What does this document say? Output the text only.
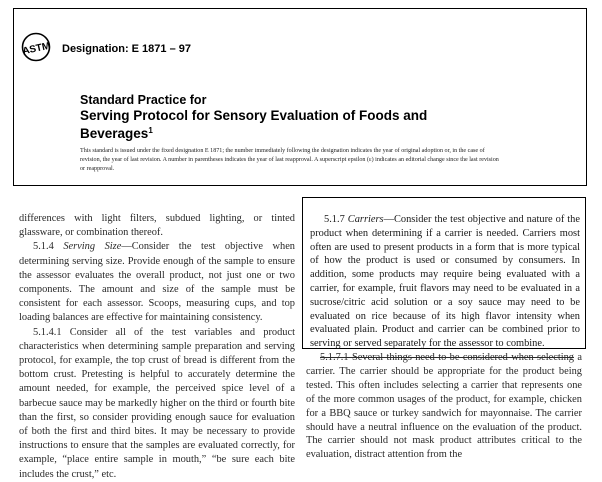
ASTM Designation: E 1871 – 97
Standard Practice for
Serving Protocol for Sensory Evaluation of Foods and
Beverages$^1$
This standard is issued under the fixed designation E 1871; the number immediately following the designation indicates the year of original adoption or, in the case of revision, the year of last revision. A number in parentheses indicates the year of last reapproval. A superscript epsilon (ε) indicates an editorial change since the last revision or reapproval.

differences with light filters, subdued lighting, or tinted glassware, or combination thereof.

5.1.4 Serving Size—Consider the test objective when determining serving size. Provide enough of the sample to ensure the assessor evaluates the overall product, not just one or two components. The amount and size of the sample must be consistent for each assessor. Scoops, measuring cups, and top loading balances are effective for maintaining consistency.

5.1.4.1 Consider all of the test variables and product characteristics when determining sample preparation and serving protocol, for example, the top crust of bread is different from the bottom crust. Pretesting is helpful to accurately determine the amount needed, for example, the perceived spice level of a barbecue sauce may be markedly higher on the third or fourth bite than the first, so consider providing enough sauce for evaluation of both the first and third bites. It may be necessary to provide instructions to ensure that the samples are evaluated correctly, for example, “place entire sample in mouth,” “be sure each bite includes the crust,” etc.

5.1.7 Carriers—Consider the test objective and nature of the product when determining if a carrier is needed. Carriers most often are used to present products in a form that is more typical of how the product is used or consumed by consumers. In addition, some products may require being evaluated with a carrier, for example, fruit flavors may need to be evaluated in a sucrose/citric acid solution or a soy sauce may need to be evaluated on rice because of its high flavor intensity when evaluated plain. Product and carrier can be combined prior to serving or served separately for the assessor to combine.

5.1.7.1 Several things need to be considered when selecting a carrier. The carrier should be appropriate for the product being tested. This often includes selecting a carrier that represents one of the more common usages of the product, for example, chicken for a BBQ sauce or turkey sandwich for mayonnaise. The carrier should have a neutral influence on the evaluation of the product. The carrier should not mask product attributes critical to the evaluation, distract attention from the
